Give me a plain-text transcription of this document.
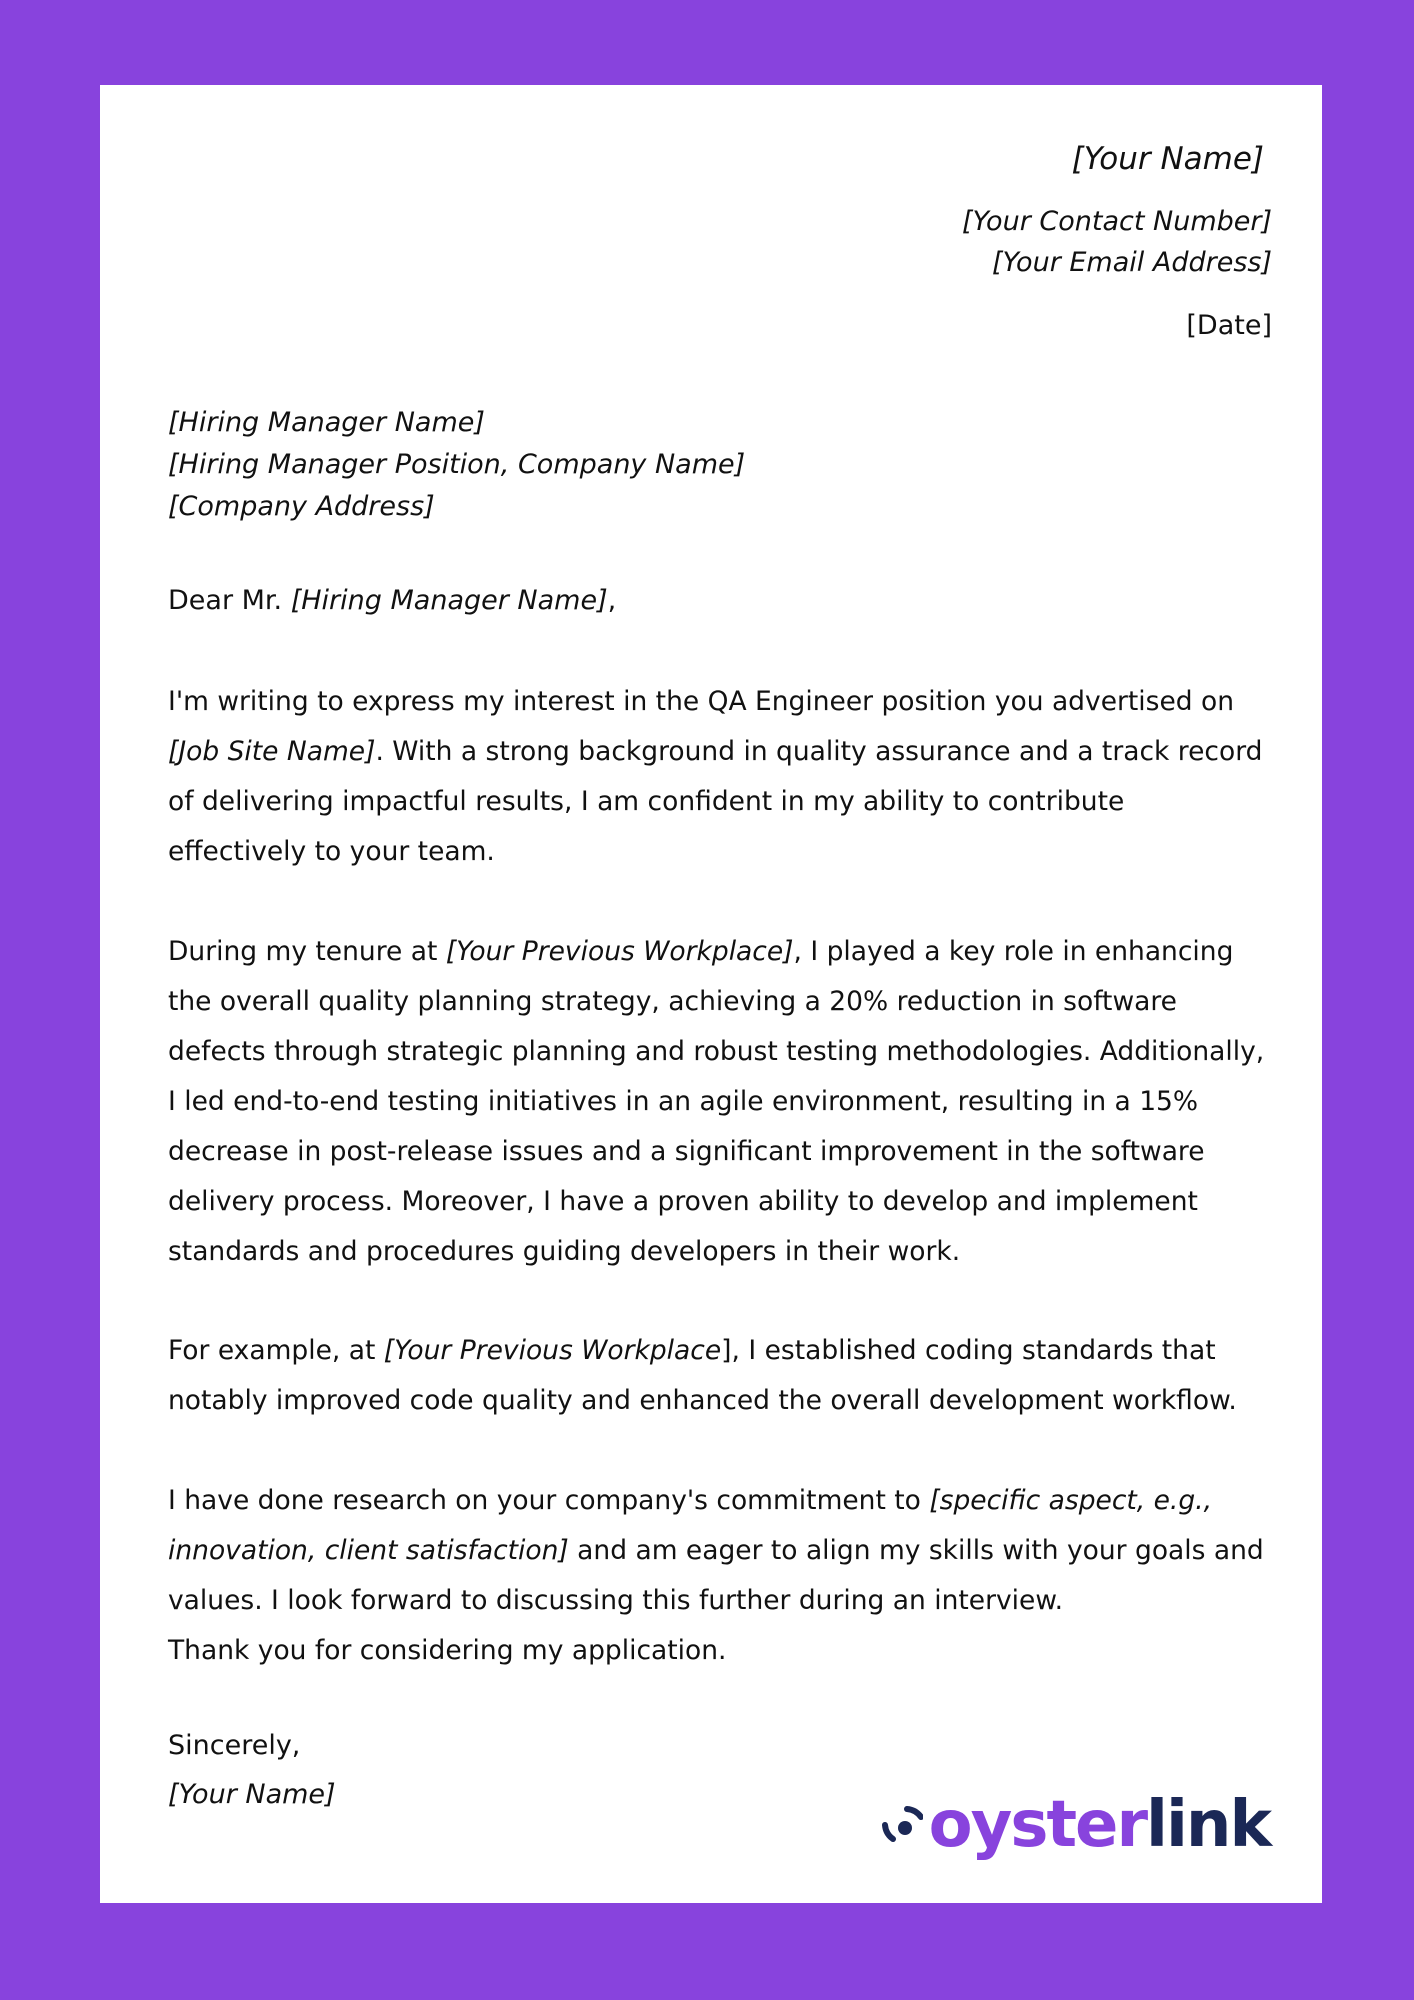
[Your Name]

[Your Contact Number]

[Your Email Address]

[Date]

[Hiring Manager Name]

[Hiring Manager Position, Company Name]

[Company Address]

Dear Mr. [Hiring Manager Name],

I'm writing to express my interest in the QA Engineer position you advertised on [Job Site Name]. With a strong background in quality assurance and a track record of delivering impactful results, I am confident in my ability to contribute effectively to your team.

During my tenure at [Your Previous Workplace], I played a key role in enhancing the overall quality planning strategy, achieving a 20% reduction in software defects through strategic planning and robust testing methodologies. Additionally, I led end-to-end testing initiatives in an agile environment, resulting in a 15% decrease in post-release issues and a significant improvement in the software delivery process. Moreover, I have a proven ability to develop and implement standards and procedures guiding developers in their work.

For example, at [Your Previous Workplace], I established coding standards that notably improved code quality and enhanced the overall development workflow.

I have done research on your company's commitment to [specific aspect, e.g., innovation, client satisfaction] and am eager to align my skills with your goals and values. I look forward to discussing this further during an interview.
Thank you for considering my application.

Sincerely,

[Your Name]	oysterlink
